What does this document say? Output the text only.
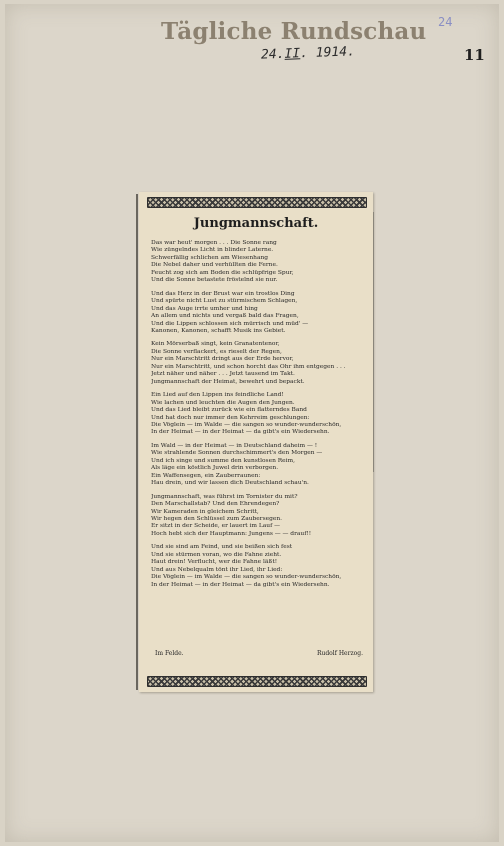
24
Tägliche Rundschau
24.II. 1914.	11
Jungmannschaft.
Das war heut' morgen . . . Die Sonne rang
Wie züngelndes Licht in blinder Laterne.
Schwerfällig schlichen am Wiesenhang
Die Nebel daher und verhüllten die Ferne.
Feucht zog sich am Boden die schlüpfrige Spur,
Und die Sonne betastete fröstelnd sie nur.
Und das Herz in der Brust war ein trostlos Ding
Und spürte nicht Lust zu stürmischem Schlagen,
Und das Auge irrte umher und hing
An allem und nichts und vergaß bald das Fragen,
Und die Lippen schlossen sich mürrisch und müd' —
Kanonen, Kanonen, schafft Musik ins Gebiet.
Kein Mörserbaß singt, kein Granatentenor,
Die Sonne verflackert, es rieselt der Regen,
Nur ein Marschtritt dringt aus der Erde hervor,
Nur ein Marschtritt, und schon horcht das Ohr ihm entgegen . . .
Jetzt näher und näher . . . Jetzt tausend im Takt.
Jungmannschaft der Heimat, bewehrt und bepackt.
Ein Lied auf den Lippen ins feindliche Land!
Wie lachen und leuchten die Augen den Jungen.
Und das Lied bleibt zurück wie ein flatterndes Band
Und hat doch nur immer den Kehrreim geschlungen:
Die Vöglein — im Walde — die sangen so wunder-wunderschön,
In der Heimat — in der Heimat — da gibt's ein Wiedersehn.
Im Wald — in der Heimat — in Deutschland daheim — !
Wie strahlende Sonnen durchschimmert's den Morgen —
Und ich singe und summe den kunstlosen Reim,
Als läge ein köstlich Juwel drin verborgen.
Ein Waffensegen, ein Zauberraunen:
Hau drein, und wir lassen dich Deutschland schau'n.
Jungmannschaft, was führst im Tornister du mit?
Den Marschallstab? Und den Ehrendegen?
Wir Kameraden in gleichem Schritt,
Wir hegen den Schlüssel zum Zaubersegen.
Er sitzt in der Scheide, er lauert im Lauf —
Hoch hebt sich der Hauptmann: Jungens — — drauf!!
Und sie sind am Feind, und sie beißen sich fest
Und sie stürmen voran, wo die Fahne zieht.
Haut drein! Verflucht, wer die Fahne läßt!
Und aus Nebelqualm tönt ihr Lied, ihr Lied:
Die Vöglein — im Walde — die sangen so wunder-wunderschön,
In der Heimat — in der Heimat — da gibt's ein Wiedersehn.
Im Felde.	Rudolf Herzog.
